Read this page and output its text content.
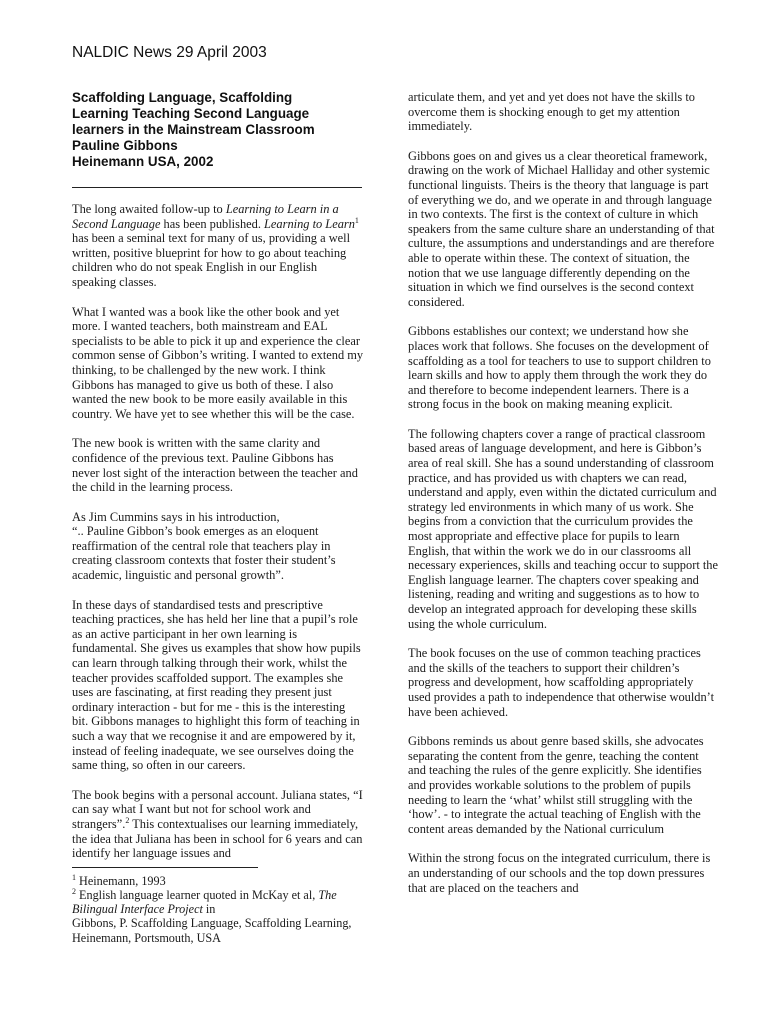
NALDIC News 29 April 2003
Scaffolding Language, Scaffolding
Learning Teaching Second Language
learners in the Mainstream Classroom
Pauline Gibbons
Heinemann USA, 2002

The long awaited follow-up to Learning to Learn in a Second Language has been published. Learning to Learn$^1$ has been a seminal text for many of us, providing a well written, positive blueprint for how to go about teaching children who do not speak English in our English speaking classes.

What I wanted was a book like the other book and yet more. I wanted teachers, both mainstream and EAL specialists to be able to pick it up and experience the clear common sense of Gibbon’s writing. I wanted to extend my thinking, to be challenged by the new work. I think Gibbons has managed to give us both of these. I also wanted the new book to be more easily available in this country. We have yet to see whether this will be the case.

The new book is written with the same clarity and confidence of the previous text. Pauline Gibbons has never lost sight of the interaction between the teacher and the child in the learning process.

As Jim Cummins says in his introduction,
“.. Pauline Gibbon’s book emerges as an eloquent reaffirmation of the central role that teachers play in creating classroom contexts that foster their student’s academic, linguistic and personal growth”.

In these days of standardised tests and prescriptive teaching practices, she has held her line that a pupil’s role as an active participant in her own learning is fundamental. She gives us examples that show how pupils can learn through talking through their work, whilst the teacher provides scaffolded support. The examples she uses are fascinating, at first reading they present just ordinary interaction - but for me - this is the interesting bit. Gibbons manages to highlight this form of teaching in such a way that we recognise it and are empowered by it, instead of feeling inadequate, we see ourselves doing the same thing, so often in our careers.

The book begins with a personal account. Juliana states, “I can say what I want but not for school work and strangers”.$^2$ This contextualises our learning immediately, the idea that Juliana has been in school for 6 years and can identify her language issues and

$^1$ Heinemann, 1993
$^2$ English language learner quoted in McKay et al, The Bilingual Interface Project in
Gibbons, P. Scaffolding Language, Scaffolding Learning, Heinemann, Portsmouth, USA

articulate them, and yet and yet does not have the skills to overcome them is shocking enough to get my attention immediately.

Gibbons goes on and gives us a clear theoretical framework, drawing on the work of Michael Halliday and other systemic functional linguists. Theirs is the theory that language is part of everything we do, and we operate in and through language in two contexts. The first is the context of culture in which speakers from the same culture share an understanding of that culture, the assumptions and understandings and are therefore able to operate within these. The context of situation, the notion that we use language differently depending on the situation in which we find ourselves is the second context considered.

Gibbons establishes our context; we understand how she places work that follows. She focuses on the development of scaffolding as a tool for teachers to use to support children to learn skills and how to apply them through the work they do and therefore to become independent learners. There is a strong focus in the book on making meaning explicit.

The following chapters cover a range of practical classroom based areas of language development, and here is Gibbon’s area of real skill. She has a sound understanding of classroom practice, and has provided us with chapters we can read, understand and apply, even within the dictated curriculum and strategy led environments in which many of us work. She begins from a conviction that the curriculum provides the most appropriate and effective place for pupils to learn English, that within the work we do in our classrooms all necessary experiences, skills and teaching occur to support the English language learner. The chapters cover speaking and listening, reading and writing and suggestions as to how to develop an integrated approach for developing these skills using the whole curriculum.

The book focuses on the use of common teaching practices and the skills of the teachers to support their children’s progress and development, how scaffolding appropriately used provides a path to independence that otherwise wouldn’t have been achieved.

Gibbons reminds us about genre based skills, she advocates separating the content from the genre, teaching the content and teaching the rules of the genre explicitly. She identifies and provides workable solutions to the problem of pupils needing to learn the ‘what’ whilst still struggling with the ‘how’. - to integrate the actual teaching of English with the content areas demanded by the National curriculum

Within the strong focus on the integrated curriculum, there is an understanding of our schools and the top down pressures that are placed on the teachers and
